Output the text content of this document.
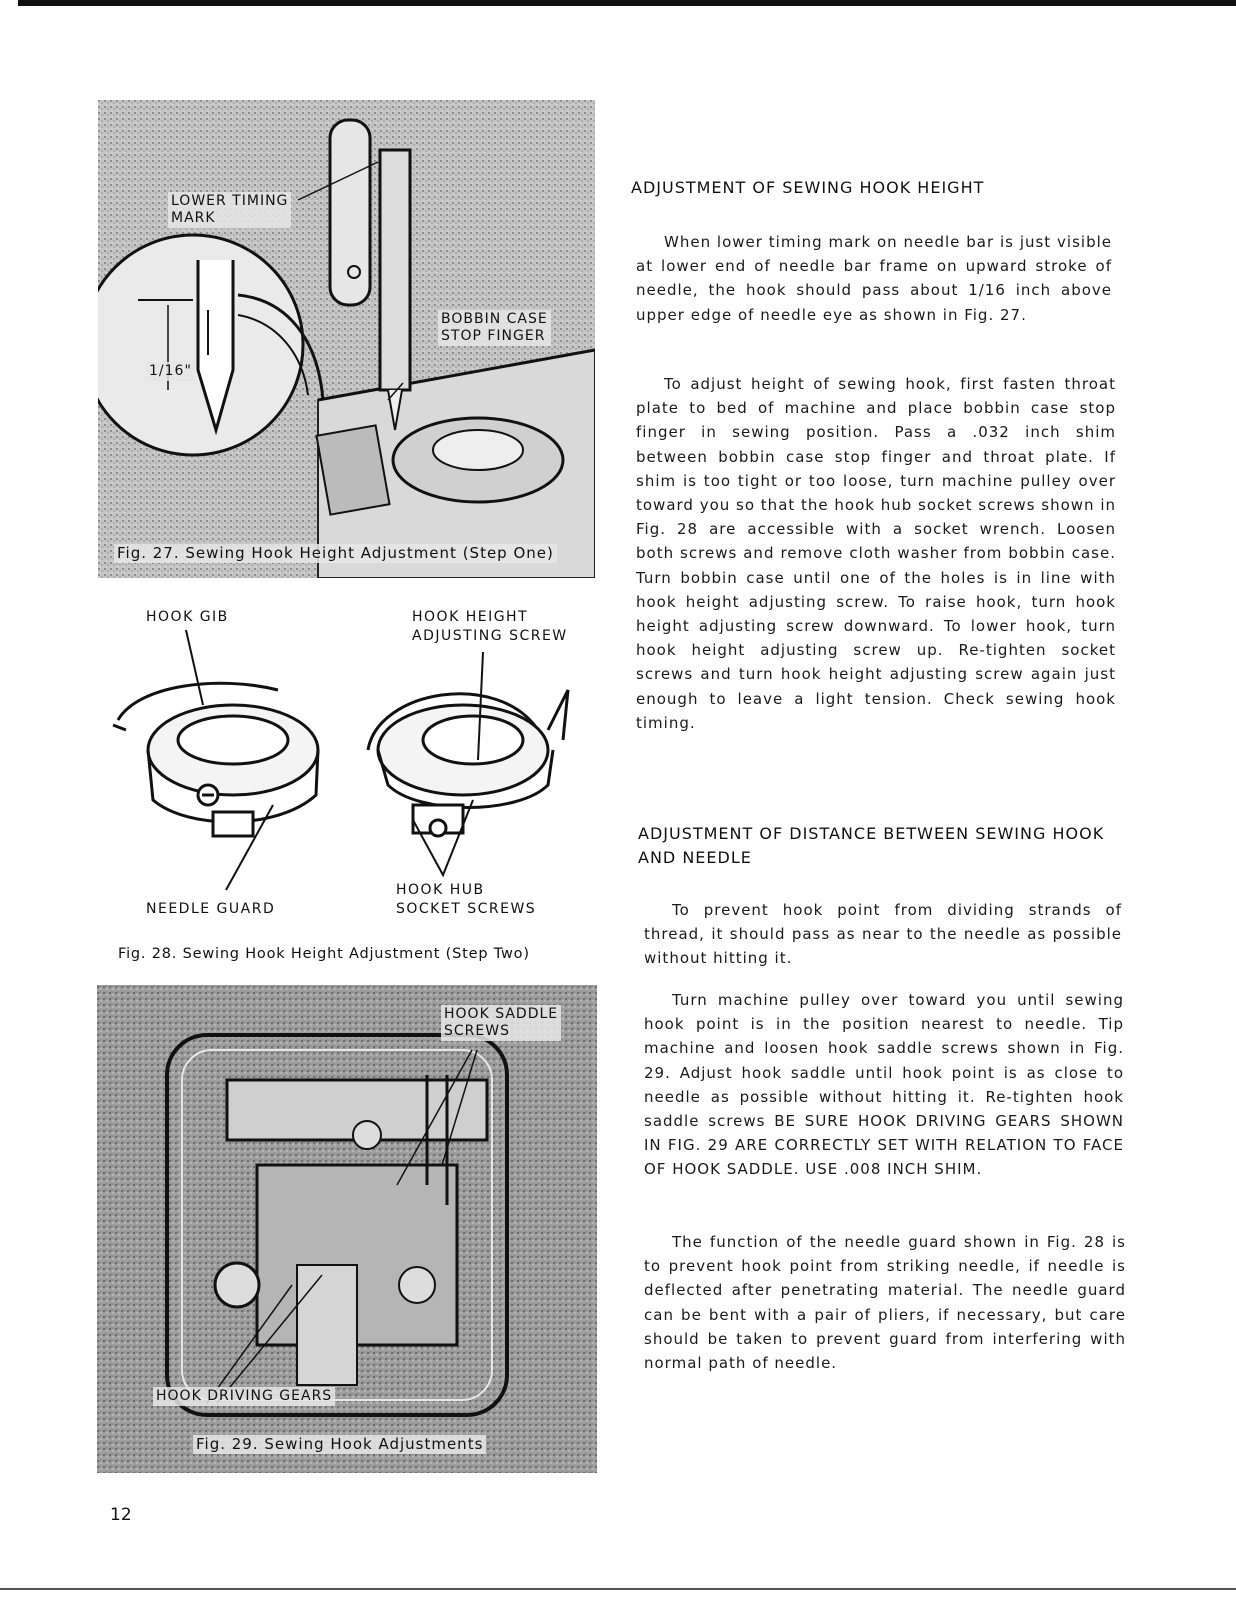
LOWER TIMING
MARK
BOBBIN CASE
STOP FINGER
1/16"
Fig. 27. Sewing Hook Height Adjustment (Step One)
HOOK GIB	HOOK HEIGHT
ADJUSTING SCREW
NEEDLE GUARD
HOOK HUB
SOCKET SCREWS
Fig. 28. Sewing Hook Height Adjustment (Step Two)
HOOK SADDLE
SCREWS
HOOK DRIVING GEARS
Fig. 29. Sewing Hook Adjustments
ADJUSTMENT OF SEWING HOOK HEIGHT

When lower timing mark on needle bar is just visible at lower end of needle bar frame on upward stroke of needle, the hook should pass about 1/16 inch above upper edge of needle eye as shown in Fig. 27.

To adjust height of sewing hook, first fasten throat plate to bed of machine and place bobbin case stop finger in sewing position. Pass a .032 inch shim between bobbin case stop finger and throat plate. If shim is too tight or too loose, turn machine pulley over toward you so that the hook hub socket screws shown in Fig. 28 are accessible with a socket wrench. Loosen both screws and remove cloth washer from bobbin case. Turn bobbin case until one of the holes is in line with hook height adjusting screw. To raise hook, turn hook height adjusting screw downward. To lower hook, turn hook height adjusting screw up. Re-tighten socket screws and turn hook height adjusting screw again just enough to leave a light tension. Check sewing hook timing.

ADJUSTMENT OF DISTANCE BETWEEN SEWING HOOK AND NEEDLE

To prevent hook point from dividing strands of thread, it should pass as near to the needle as possible without hitting it.

Turn machine pulley over toward you until sewing hook point is in the position nearest to needle. Tip machine and loosen hook saddle screws shown in Fig. 29. Adjust hook saddle until hook point is as close to needle as possible without hitting it. Re-tighten hook saddle screws BE SURE HOOK DRIVING GEARS SHOWN IN FIG. 29 ARE CORRECTLY SET WITH RELATION TO FACE OF HOOK SADDLE. USE .008 INCH SHIM.

The function of the needle guard shown in Fig. 28 is to prevent hook point from striking needle, if needle is deflected after penetrating material. The needle guard can be bent with a pair of pliers, if necessary, but care should be taken to prevent guard from interfering with normal path of needle.

12
